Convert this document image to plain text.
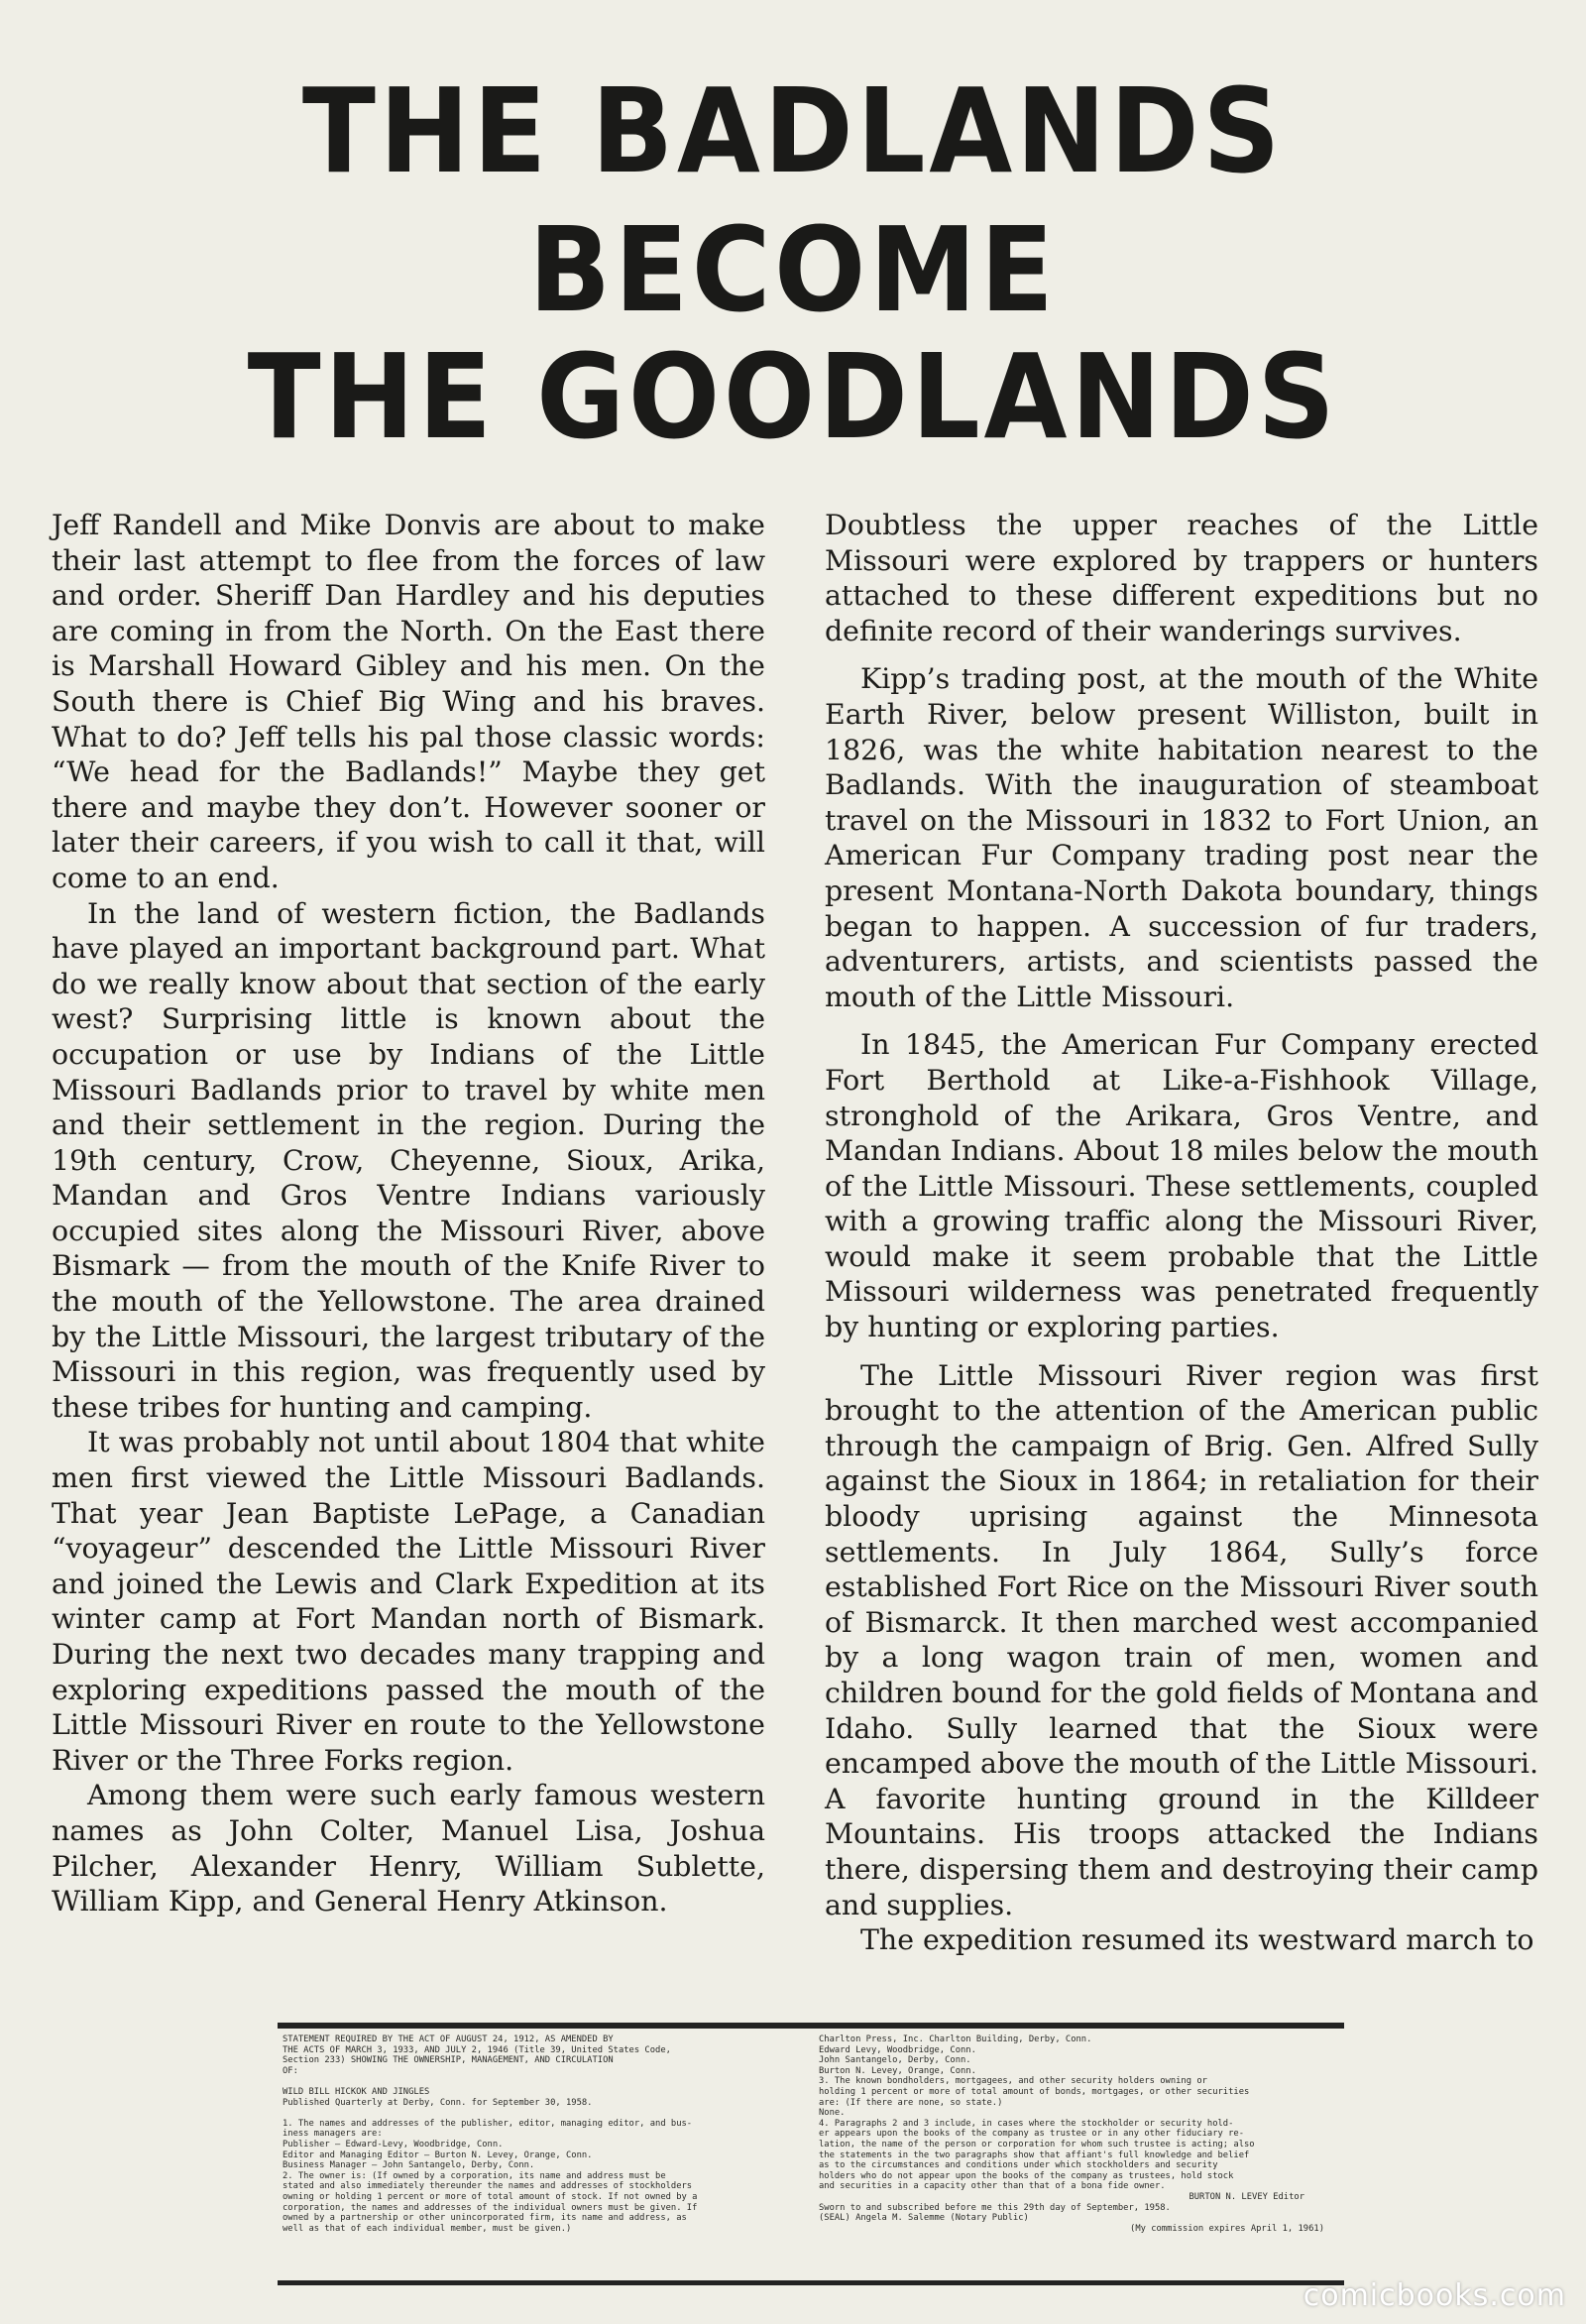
THE BADLANDS BECOME
THE GOODLANDS

Jeff Randell and Mike Donvis are about to make their last attempt to flee from the forces of law and order. Sheriff Dan Hardley and his deputies are coming in from the North. On the East there is Marshall Howard Gibley and his men. On the South there is Chief Big Wing and his braves. What to do? Jeff tells his pal those classic words: “We head for the Badlands!” Maybe they get there and maybe they don’t. However sooner or later their careers, if you wish to call it that, will come to an end.

In the land of western fiction, the Badlands have played an important background part. What do we really know about that section of the early west? Surprising little is known about the occupation or use by Indians of the Little Missouri Badlands prior to travel by white men and their settlement in the region. During the 19th century, Crow, Cheyenne, Sioux, Arika, Mandan and Gros Ventre Indians variously occupied sites along the Missouri River, above Bismark — from the mouth of the Knife River to the mouth of the Yellowstone. The area drained by the Little Missouri, the largest tributary of the Missouri in this region, was frequently used by these tribes for hunting and camping.

It was probably not until about 1804 that white men first viewed the Little Missouri Badlands. That year Jean Baptiste LePage, a Canadian “voyageur” descended the Little Missouri River and joined the Lewis and Clark Expedition at its winter camp at Fort Mandan north of Bismark. During the next two decades many trapping and exploring expeditions passed the mouth of the Little Missouri River en route to the Yellowstone River or the Three Forks region.

Among them were such early famous western names as John Colter, Manuel Lisa, Joshua Pilcher, Alexander Henry, William Sublette, William Kipp, and General Henry Atkinson.

Doubtless the upper reaches of the Little Missouri were explored by trappers or hunters attached to these different expeditions but no definite record of their wanderings survives.

Kipp’s trading post, at the mouth of the White Earth River, below present Williston, built in 1826, was the white habitation nearest to the Badlands. With the inauguration of steamboat travel on the Missouri in 1832 to Fort Union, an American Fur Company trading post near the present Montana-North Dakota boundary, things began to happen. A succession of fur traders, adventurers, artists, and scientists passed the mouth of the Little Missouri.

In 1845, the American Fur Company erected Fort Berthold at Like-a-Fishhook Village, stronghold of the Arikara, Gros Ventre, and Mandan Indians. About 18 miles below the mouth of the Little Missouri. These settlements, coupled with a growing traffic along the Missouri River, would make it seem probable that the Little Missouri wilderness was penetrated frequently by hunting or exploring parties.

The Little Missouri River region was first brought to the attention of the American public through the campaign of Brig. Gen. Alfred Sully against the Sioux in 1864; in retaliation for their bloody uprising against the Minnesota settlements. In July 1864, Sully’s force established Fort Rice on the Missouri River south of Bismarck. It then marched west accompanied by a long wagon train of men, women and children bound for the gold fields of Montana and Idaho. Sully learned that the Sioux were encamped above the mouth of the Little Missouri. A favorite hunting ground in the Killdeer Mountains. His troops attacked the Indians there, dispersing them and destroying their camp and supplies.

The expedition resumed its westward march to

STATEMENT REQUIRED BY THE ACT OF AUGUST 24, 1912, AS AMENDED BY
THE ACTS OF MARCH 3, 1933, AND JULY 2, 1946 (Title 39, United States Code,
Section 233) SHOWING THE OWNERSHIP, MANAGEMENT, AND CIRCULATION
OF:

WILD BILL HICKOK AND JINGLES
Published Quarterly at Derby, Conn. for September 30, 1958.

1. The names and addresses of the publisher, editor, managing editor, and bus-
iness managers are:
Publisher — Edward-Levy, Woodbridge, Conn.
Editor and Managing Editor — Burton N. Levey, Orange, Conn.
Business Manager — John Santangelo, Derby, Conn.
2. The owner is: (If owned by a corporation, its name and address must be
stated and also immediately thereunder the names and addresses of stockholders
owning or holding 1 percent or more of total amount of stock. If not owned by a
corporation, the names and addresses of the individual owners must be given. If
owned by a partnership or other unincorporated firm, its name and address, as
well as that of each individual member, must be given.)
Charlton Press, Inc. Charlton Building, Derby, Conn.
Edward Levy, Woodbridge, Conn.
John Santangelo, Derby, Conn.
Burton N. Levey, Orange, Conn.
3. The known bondholders, mortgagees, and other security holders owning or
holding 1 percent or more of total amount of bonds, mortgages, or other securities
are: (If there are none, so state.)
None.
4. Paragraphs 2 and 3 include, in cases where the stockholder or security hold-
er appears upon the books of the company as trustee or in any other fiduciary re-
lation, the name of the person or corporation for whom such trustee is acting; also
the statements in the two paragraphs show that affiant's full knowledge and belief
as to the circumstances and conditions under which stockholders and security
holders who do not appear upon the books of the company as trustees, hold stock
and securities in a capacity other than that of a bona fide owner.
BURTON N. LEVEY Editor
Sworn to and subscribed before me this 29th day of September, 1958.
(SEAL) Angela M. Salemme (Notary Public)
(My commission expires April 1, 1961)
comicbooks.com
